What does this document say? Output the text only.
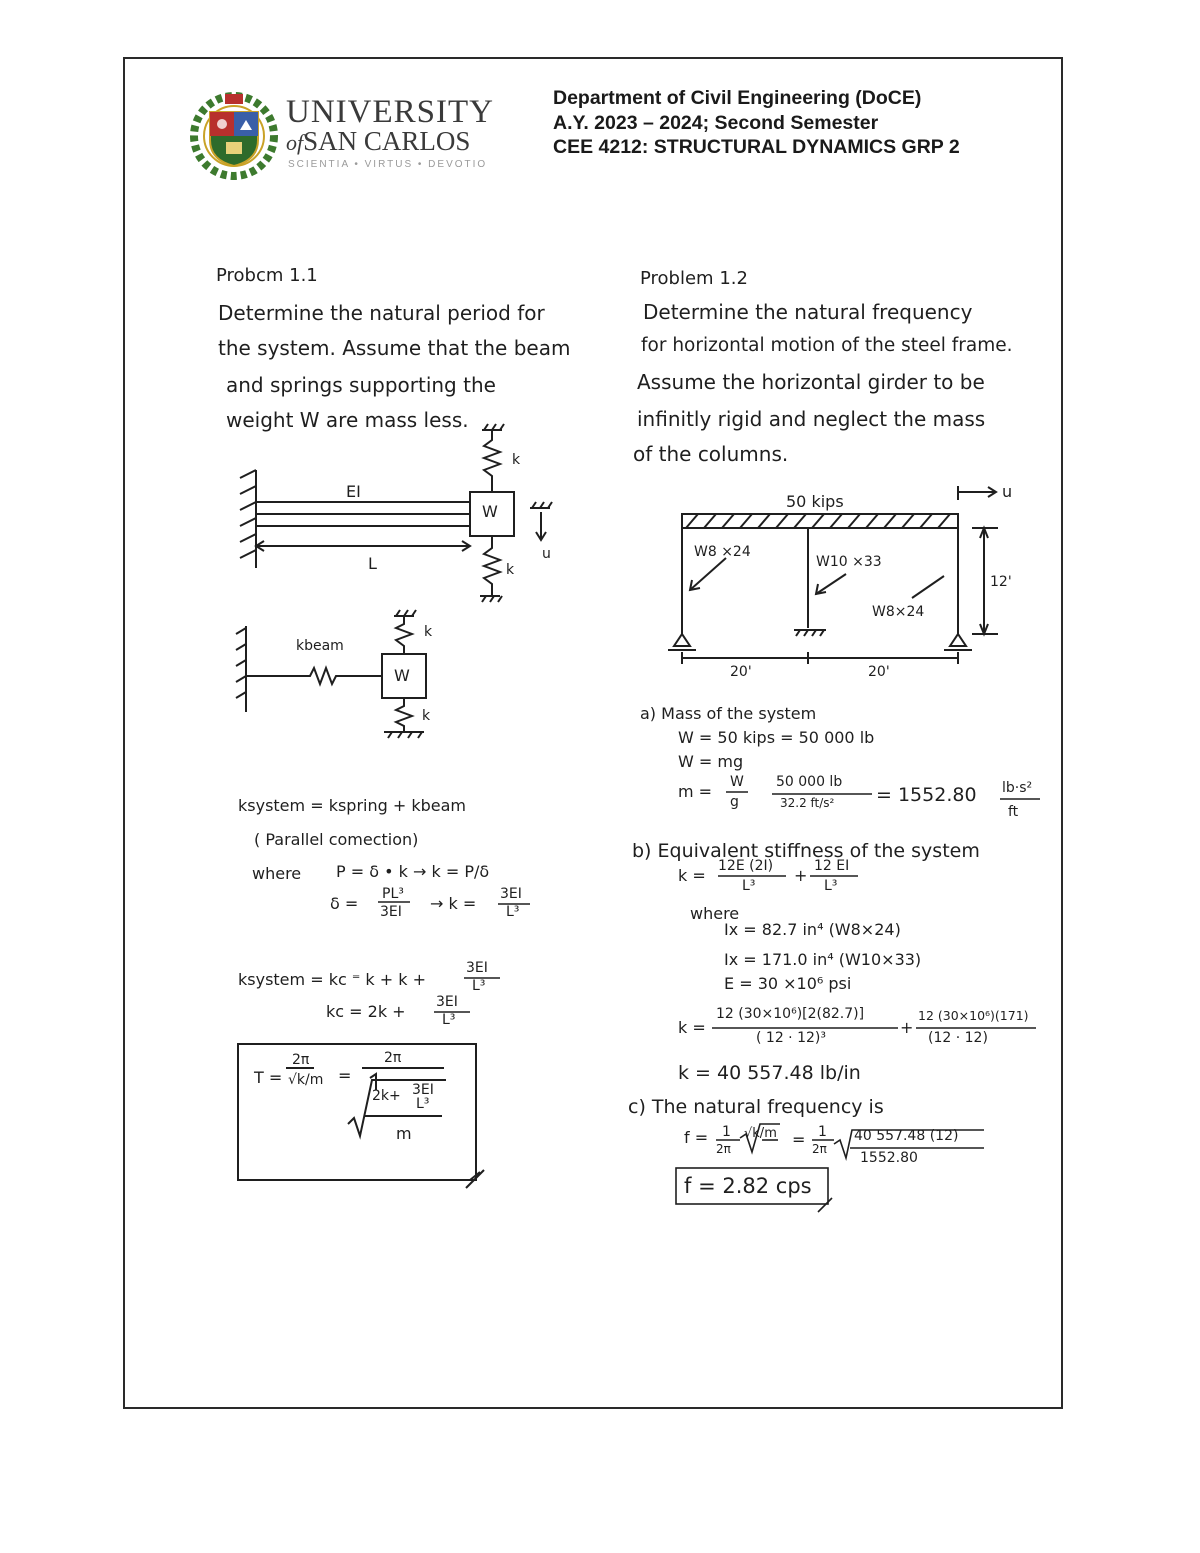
UNIVERSITY
ofSAN CARLOS
SCIENTIA • VIRTUS • DEVOTIO
Department of Civil Engineering (DoCE)
A.Y. 2023 – 2024; Second Semester
CEE 4212: STRUCTURAL DYNAMICS GRP 2
Probcm 1.1
Determine the natural period for
the system. Assume that the beam
and springs supporting the
weight W are mass less.
EI
W
L
k
k
u
kbeam
W
k
k
ksystem = kspring + kbeam
( Parallel comection)
where P = δ • k → k = P/δ
δ = PL³
3EI → k = 3EI
L³
ksystem = kc ⁼ k + k +
3EI
L³
kc = 2k + 3EI
L³
T =
2π
√k/m =
2π
2k+ 3EI
L³
m
Problem 1.2
Determine the natural frequency
for horizontal motion of the steel frame.
Assume the horizontal girder to be
infinitly rigid and neglect the mass
of the columns.
50 kips
u
W8 ×24
W10 ×33
W8×24
12'
20'	20'
a) Mass of the system
W = 50 kips = 50 000 lb
W = mg
m = W
g
50 000 lb
32.2 ft/s² = 1552.80 lb·s²
ft
b) Equivalent stiffness of the system
k = 12E (2I)
L³
+ 12 EI
L³
where
Ix = 82.7 in⁴ (W8×24)
Ix = 171.0 in⁴ (W10×33)
E = 30 ×10⁶ psi
k =
12 (30×10⁶)[2(82.7)]
( 12 · 12)³
+
12 (30×10⁶)(171)
(12 · 12)
k = 40 557.48 lb/in
c) The natural frequency is
f = 1
2π
√k/m = 1
2π
40 557.48 (12)
1552.80
f = 2.82 cps
